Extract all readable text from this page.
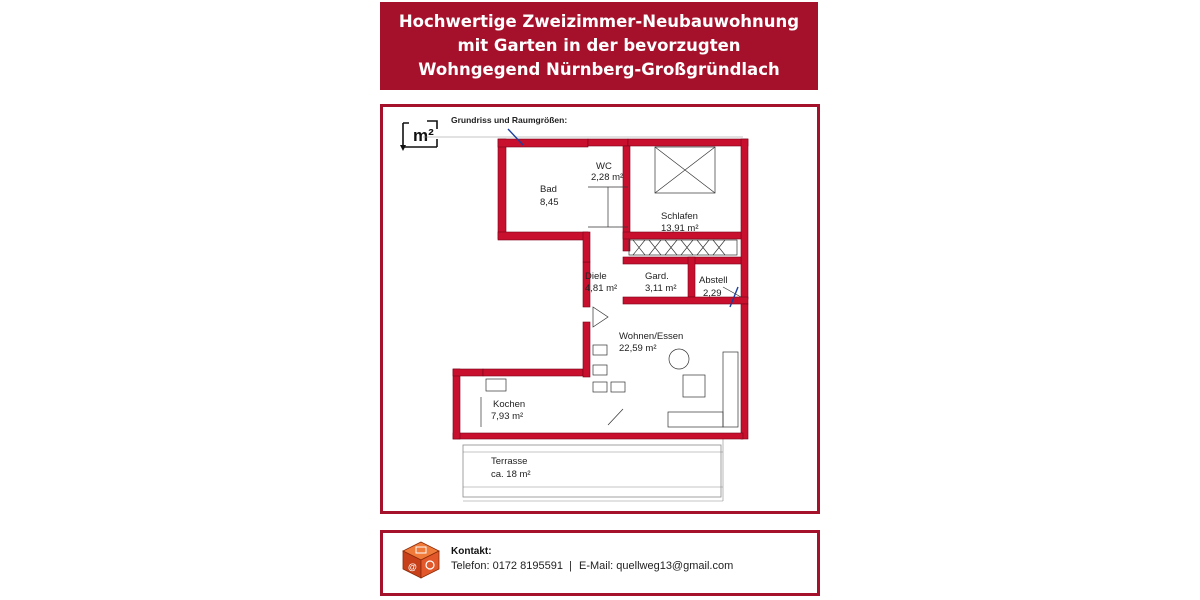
Hochwertige Zweizimmer-Neubauwohnung
mit Garten in der bevorzugten
Wohngegend Nürnberg-Großgründlach
m²
Grundriss und Raumgrößen:
Bad
8,45
WC
2,28 m²
Schlafen
13,91 m²
Diele
4,81 m²
Gard.
3,11 m²
Abstell
2,29
Wohnen/Essen
22,59 m²
Kochen
7,93 m²
Terrasse
ca. 18 m²
@
Kontakt:
Telefon: 0172 8195591 | E-Mail: quellweg13@gmail.com
